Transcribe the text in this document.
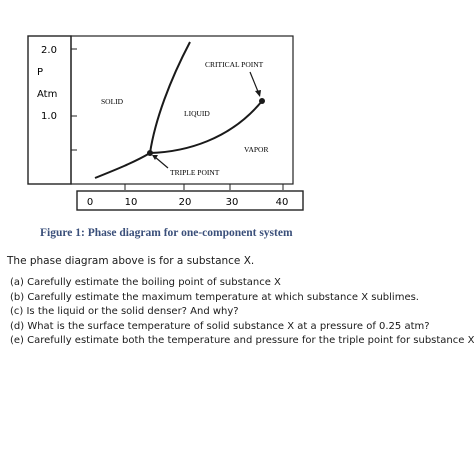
2.0
P
Atm
1.0
0	10	20	30	40
SOLID
LIQUID
VAPOR
CRITICAL POINT
TRIPLE POINT
Figure 1: Phase diagram for one-component system

The phase diagram above is for a substance X.

(a) Carefully estimate the boiling point of substance X
(b) Carefully estimate the maximum temperature at which substance X sublimes.
(c) Is the liquid or the solid denser? And why?
(d) What is the surface temperature of solid substance X at a pressure of 0.25 atm?
(e) Carefully estimate both the temperature and pressure for the triple point for substance X
